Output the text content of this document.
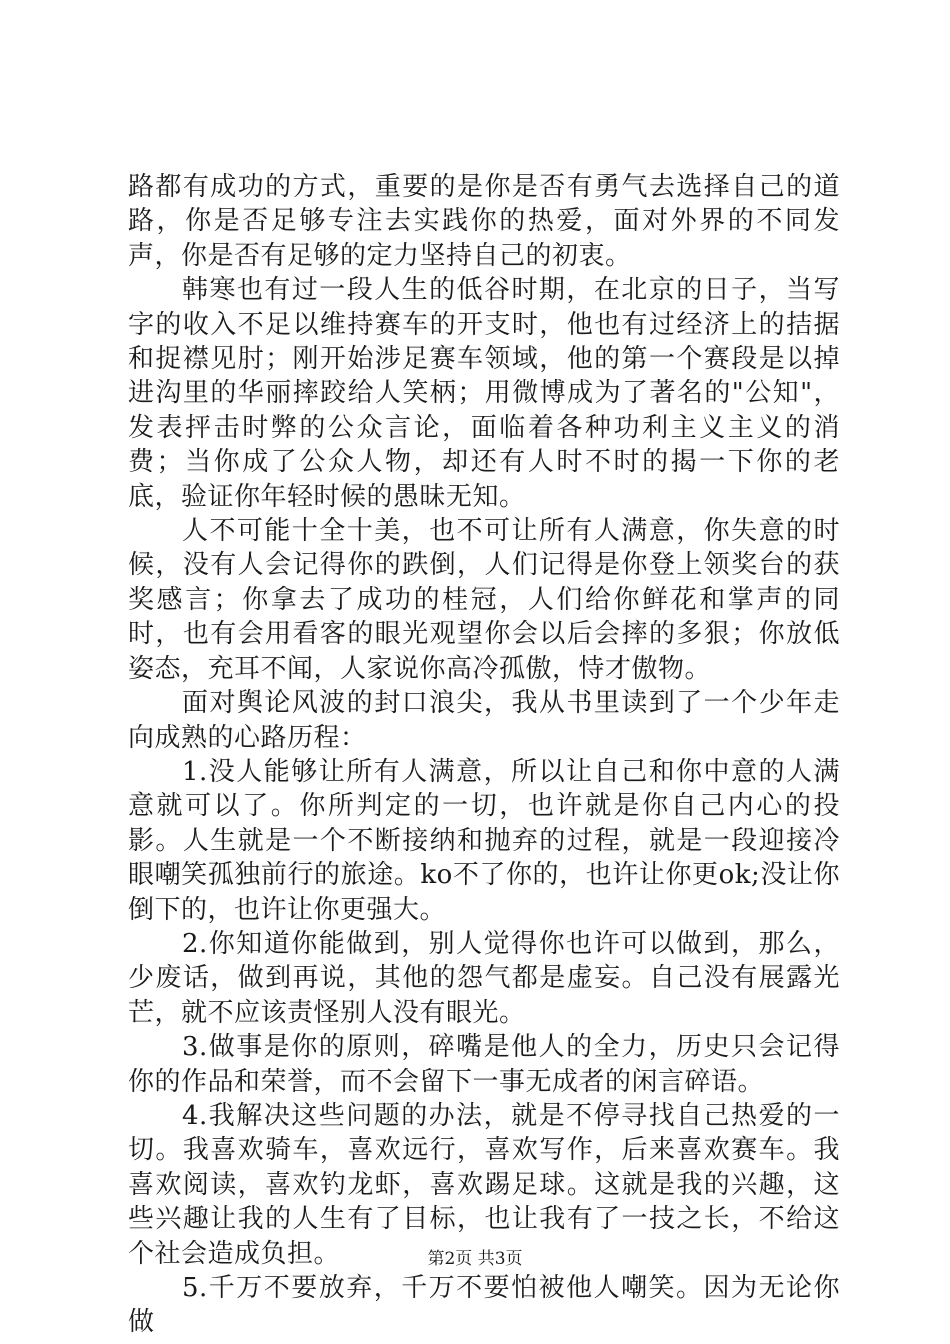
路都有成功的方式，重要的是你是否有勇气去选择自己的道路，你是否足够专注去实践你的热爱，面对外界的不同发声，你是否有足够的定力坚持自己的初衷。

韩寒也有过一段人生的低谷时期，在北京的日子，当写字的收入不足以维持赛车的开支时，他也有过经济上的拮据和捉襟见肘；刚开始涉足赛车领域，他的第一个赛段是以掉进沟里的华丽摔跤给人笑柄；用微博成为了著名的"公知"，发表抨击时弊的公众言论，面临着各种功利主义主义的消费；当你成了公众人物，却还有人时不时的揭一下你的老底，验证你年轻时候的愚昧无知。

人不可能十全十美，也不可让所有人满意，你失意的时候，没有人会记得你的跌倒，人们记得是你登上领奖台的获奖感言；你拿去了成功的桂冠，人们给你鲜花和掌声的同时，也有会用看客的眼光观望你会以后会摔的多狠；你放低姿态，充耳不闻，人家说你高冷孤傲，恃才傲物。

面对舆论风波的封口浪尖，我从书里读到了一个少年走向成熟的心路历程：

1.没人能够让所有人满意，所以让自己和你中意的人满意就可以了。你所判定的一切，也许就是你自己内心的投影。人生就是一个不断接纳和抛弃的过程，就是一段迎接冷眼嘲笑孤独前行的旅途。ko不了你的，也许让你更ok;没让你倒下的，也许让你更强大。

2.你知道你能做到，别人觉得你也许可以做到，那么，少废话，做到再说，其他的怨气都是虚妄。自己没有展露光芒，就不应该责怪别人没有眼光。

3.做事是你的原则，碎嘴是他人的全力，历史只会记得你的作品和荣誉，而不会留下一事无成者的闲言碎语。

4.我解决这些问题的办法，就是不停寻找自己热爱的一切。我喜欢骑车，喜欢远行，喜欢写作，后来喜欢赛车。我喜欢阅读，喜欢钓龙虾，喜欢踢足球。这就是我的兴趣，这些兴趣让我的人生有了目标，也让我有了一技之长，不给这个社会造成负担。

5.千万不要放弃，千万不要怕被他人嘲笑。因为无论你做

第2页 共3页
